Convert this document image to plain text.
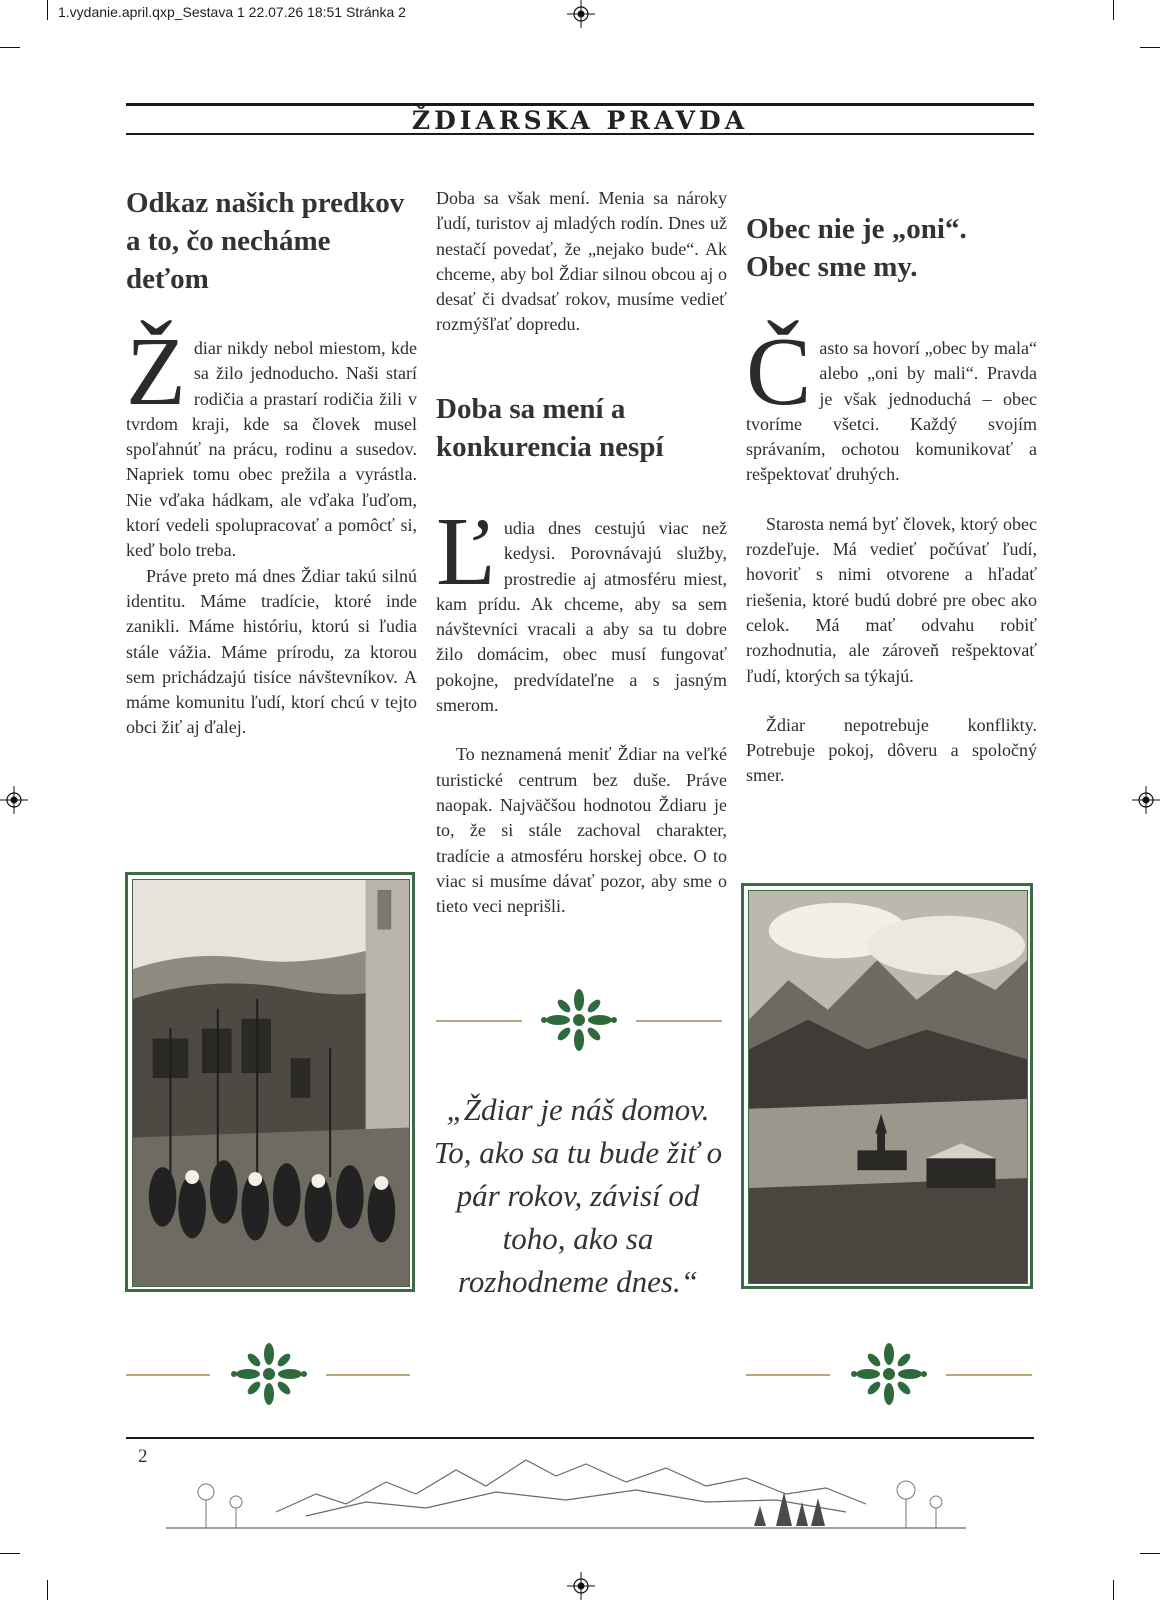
1.vydanie.april.qxp_Sestava 1 22.07.26 18:51 Stránka 2
ŽDIARSKA PRAVDA
Odkaz našich predkov a to, čo necháme deťom
Ž diar nikdy nebol miestom, kde sa žilo jednoducho. Naši starí rodičia a prastarí rodičia žili v tvrdom kraji, kde sa človek musel spoľahnúť na prácu, rodinu a susedov. Napriek tomu obec prežila a vyrástla. Nie vďaka hádkam, ale vďaka ľuďom, ktorí vedeli spolupracovať a pomôcť si, keď bolo treba.

Práve preto má dnes Ždiar takú silnú identitu. Máme tradície, ktoré inde zanikli. Máme históriu, ktorú si ľudia stále vážia. Máme prírodu, za ktorou sem prichádzajú tisíce návštevníkov. A máme komunitu ľudí, ktorí chcú v tejto obci žiť aj ďalej.

Doba sa však mení. Menia sa nároky ľudí, turistov aj mladých rodín. Dnes už nestačí povedať, že „nejako bude“. Ak chceme, aby bol Ždiar silnou obcou aj o desať či dvadsať rokov, musíme vedieť rozmýšľať dopredu.

Doba sa mení a konkurencia nespí
Ľ udia dnes cestujú viac než kedysi. Porovnávajú služby, prostredie aj atmosféru miest, kam prídu. Ak chceme, aby sa sem návštevníci vracali a aby sa tu dobre žilo domácim, obec musí fungovať pokojne, predvídateľne a s jasným smerom.

To neznamená meniť Ždiar na veľké turistické centrum bez duše. Práve naopak. Najväčšou hodnotou Ždiaru je to, že si stále zachoval charakter, tradície a atmosféru horskej obce. O to viac si musíme dávať pozor, aby sme o tieto veci neprišli.

Obec nie je „oni“. Obec sme my.
Č asto sa hovorí „obec by mala“ alebo „oni by mali“. Pravda je však jednoduchá – obec tvoríme všetci. Každý svojím správaním, ochotou komunikovať a rešpektovať druhých.

Starosta nemá byť človek, ktorý obec rozdeľuje. Má vedieť počúvať ľudí, hovoriť s nimi otvorene a hľadať riešenia, ktoré budú dobré pre obec ako celok. Má mať odvahu robiť rozhodnutia, ale zároveň rešpektovať ľudí, ktorých sa týkajú.

Ždiar nepotrebuje konflikty. Potrebuje pokoj, dôveru a spoločný smer.

„Ždiar je náš domov. To, ako sa tu bude žiť o pár rokov, závisí od toho, ako sa rozhodneme dnes.“
2
